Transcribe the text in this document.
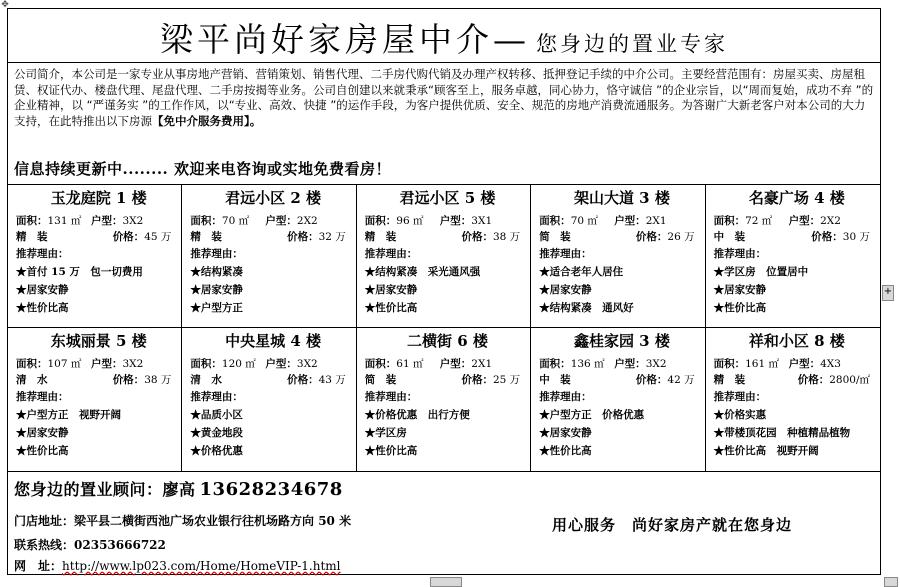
✥
梁平尚好家房屋中介— 您身边的置业专家
公司简介，本公司是一家专业从事房地产营销、营销策划、销售代理、二手房代购代销及办理产权转移、抵押登记手续的中介公司。主要经营范围有：房屋买卖、房屋租赁、权证代办、楼盘代理、尾盘代理、二手房按揭等业务。公司自创建以来就秉承“顾客至上，服务卓越，同心协力，恪守诚信 ”的企业宗旨，以“周而复始，成功不弃 ”的企业精神，以 “严谨务实 ”的工作作风，以“专业、高效、快捷 ”的运作手段，为客户提供优质、安全、规范的房地产消费流通服务。为答谢广大新老客户对本公司的大力支持，在此特推出以下房源【免中介服务费用】。
信息持续更新中........ 欢迎来电咨询或实地免费看房！
玉龙庭院 1 楼
面积：131 ㎡ 户型：3X2
精　装	价格：45 万
推荐理由：
★首付 15 万　包一切费用
★居家安静
★性价比高
君远小区 2 楼
面积：70 ㎡	户型：2X2
精　装	价格：32 万
推荐理由：
★结构紧凑
★居家安静
★户型方正
君远小区 5 楼
面积：96 ㎡	户型：3X1
精　装	价格：38 万
推荐理由：
★结构紧凑　采光通风强
★居家安静
★性价比高
架山大道 3 楼
面积：70 ㎡	户型：2X1
简　装	价格：26 万
推荐理由：
★适合老年人居住
★居家安静
★结构紧凑　通风好
名豪广场 4 楼
面积：72 ㎡	户型：2X2
中　装	价格：30 万
推荐理由：
★学区房　位置居中
★居家安静
★性价比高
东城丽景 5 楼
面积：107 ㎡ 户型：3X2
清　水	价格：38 万
推荐理由：
★户型方正　视野开阔
★居家安静
★性价比高
中央星城 4 楼
面积：120 ㎡ 户型：3X2
清　水	价格：43 万
推荐理由：
★品质小区
★黄金地段
★价格优惠
二横街 6 楼
面积：61 ㎡	户型：2X1
简　装	价格：25 万
推荐理由：
★价格优惠　出行方便
★学区房
★性价比高
鑫桂家园 3 楼
面积：136 ㎡ 户型：3X2
中　装	价格：42 万
推荐理由：
★户型方正　价格优惠
★居家安静
★性价比高
祥和小区 8 楼
面积：161 ㎡ 户型：4X3
精　装	价格：2800/㎡
推荐理由：
★价格实惠
★带楼顶花园　种植精品植物
★性价比高　视野开阔
您身边的置业顾问：廖高 13628234678
门店地址：梁平县二横街西池广场农业银行往机场路方向 50 米	用心服务　尚好家房产就在您身边
联系热线：02353666722
网　址：http://www.lp023.com/Home/HomeVIP-1.html
+
